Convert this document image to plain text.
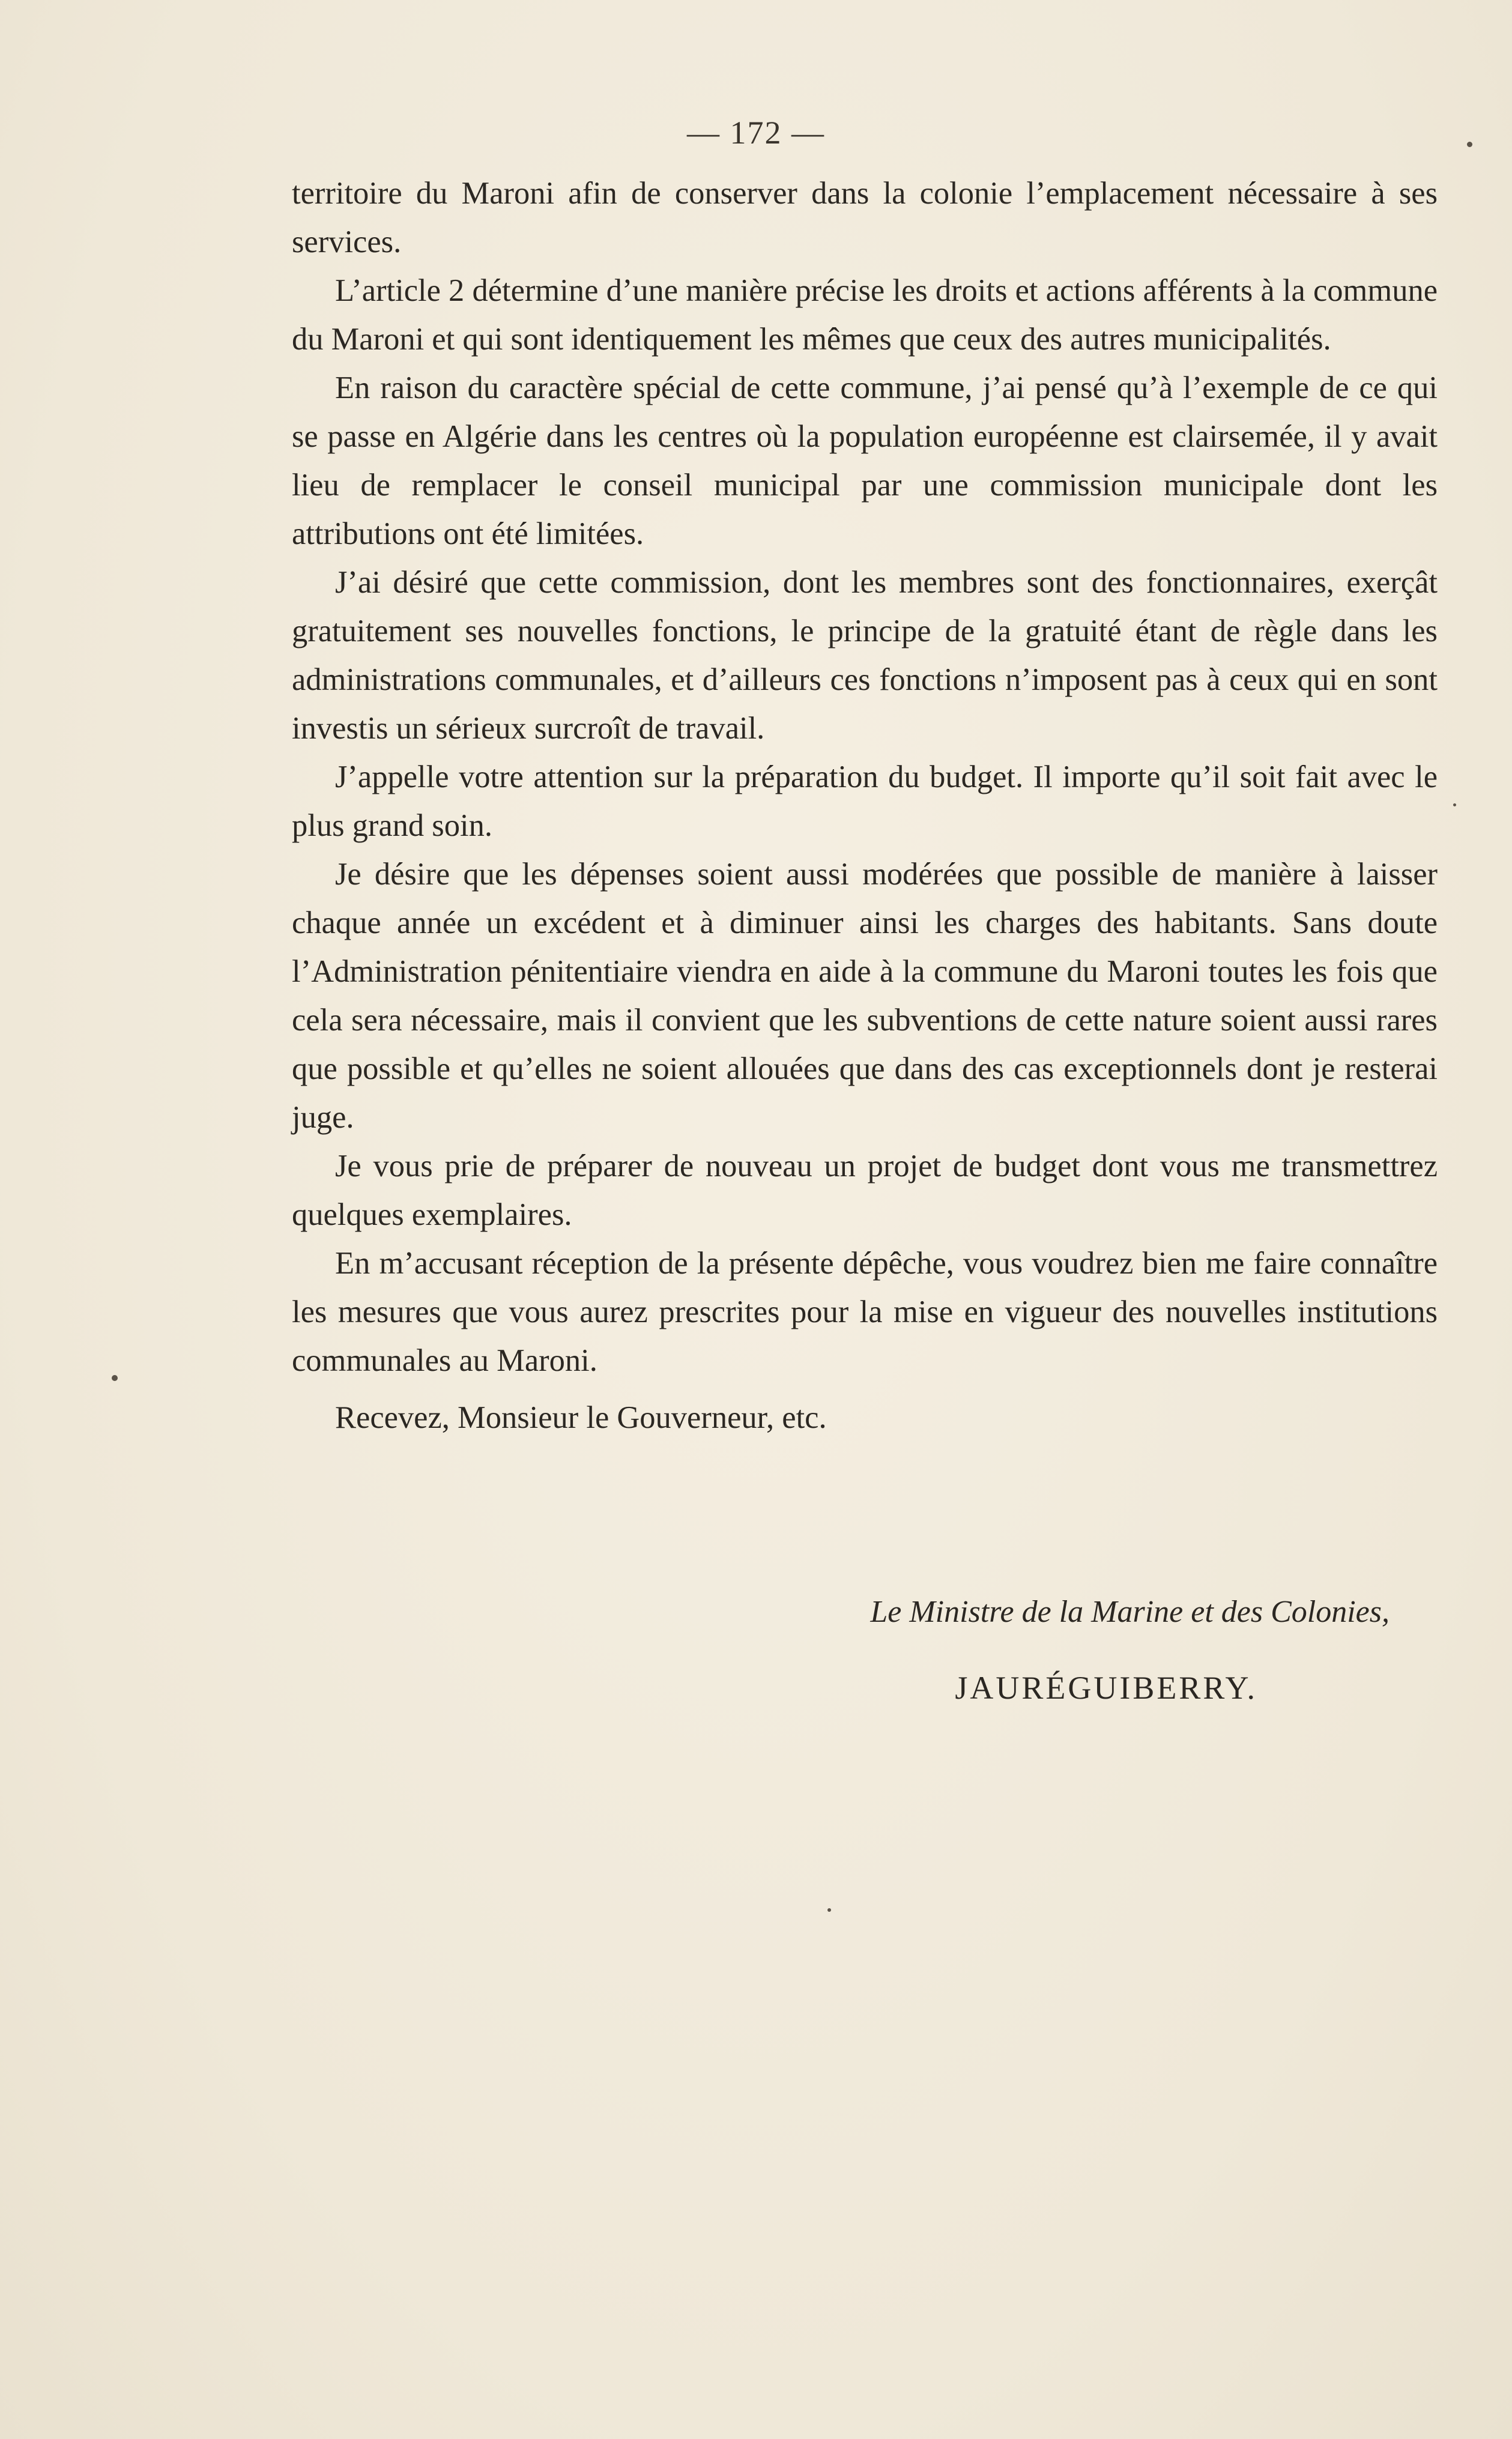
— 172 —

territoire du Maroni afin de conserver dans la colonie l’emplacement nécessaire à ses services.

L’article 2 détermine d’une manière précise les droits et actions afférents à la commune du Maroni et qui sont identiquement les mêmes que ceux des autres municipalités.

En raison du caractère spécial de cette commune, j’ai pensé qu’à l’exemple de ce qui se passe en Algérie dans les centres où la population européenne est clairsemée, il y avait lieu de remplacer le conseil municipal par une commission municipale dont les attributions ont été limitées.

J’ai désiré que cette commission, dont les membres sont des fonctionnaires, exerçât gratuitement ses nouvelles fonctions, le principe de la gratuité étant de règle dans les administrations communales, et d’ailleurs ces fonctions n’imposent pas à ceux qui en sont investis un sérieux surcroît de travail.

J’appelle votre attention sur la préparation du budget. Il importe qu’il soit fait avec le plus grand soin.

Je désire que les dépenses soient aussi modérées que possible de manière à laisser chaque année un excédent et à diminuer ainsi les charges des habitants. Sans doute l’Administration pénitentiaire viendra en aide à la commune du Maroni toutes les fois que cela sera nécessaire, mais il convient que les subventions de cette nature soient aussi rares que possible et qu’elles ne soient allouées que dans des cas exceptionnels dont je resterai juge.

Je vous prie de préparer de nouveau un projet de budget dont vous me transmettrez quelques exemplaires.

En m’accusant réception de la présente dépêche, vous voudrez bien me faire connaître les mesures que vous aurez prescrites pour la mise en vigueur des nouvelles institutions communales au Maroni.

Recevez, Monsieur le Gouverneur, etc.

Le Ministre de la Marine et des Colonies,
JAURÉGUIBERRY.
